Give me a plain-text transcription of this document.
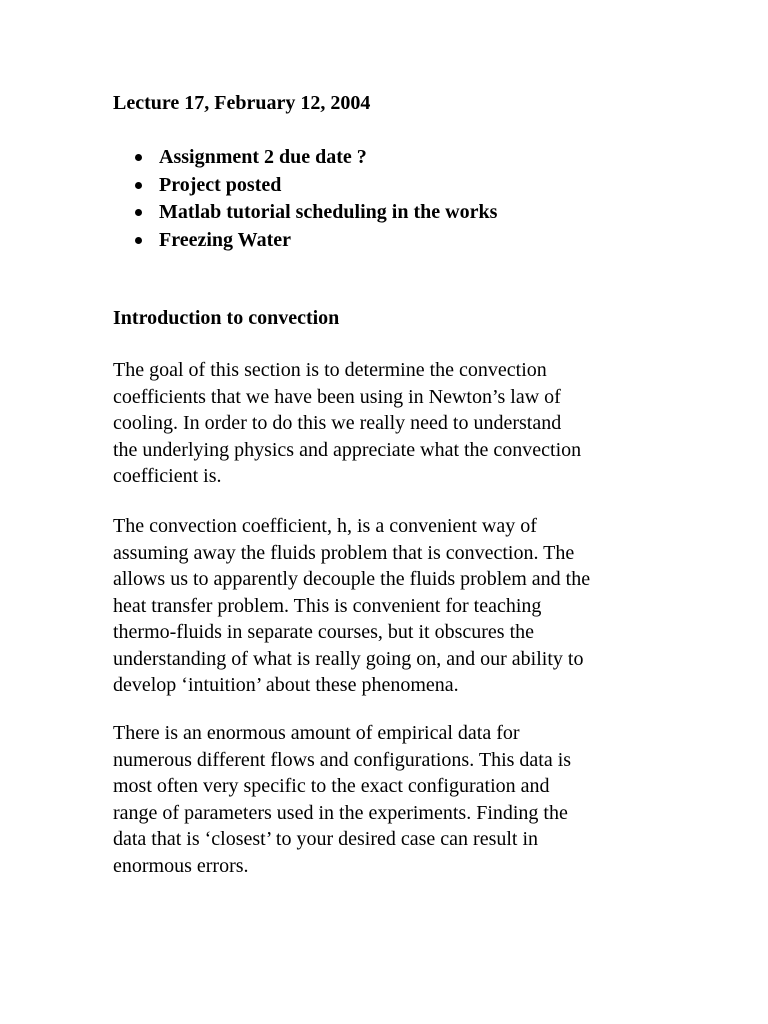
Lecture 17, February 12, 2004
Assignment 2 due date ?
Project posted
Matlab tutorial scheduling in the works
Freezing Water
Introduction to convection

The goal of this section is to determine the convection
coefficients that we have been using in Newton’s law of
cooling. In order to do this we really need to understand
the underlying physics and appreciate what the convection
coefficient is.

The convection coefficient, h, is a convenient way of
assuming away the fluids problem that is convection. The
allows us to apparently decouple the fluids problem and the
heat transfer problem. This is convenient for teaching
thermo-fluids in separate courses, but it obscures the
understanding of what is really going on, and our ability to
develop ‘intuition’ about these phenomena.

There is an enormous amount of empirical data for
numerous different flows and configurations. This data is
most often very specific to the exact configuration and
range of parameters used in the experiments. Finding the
data that is ‘closest’ to your desired case can result in
enormous errors.
